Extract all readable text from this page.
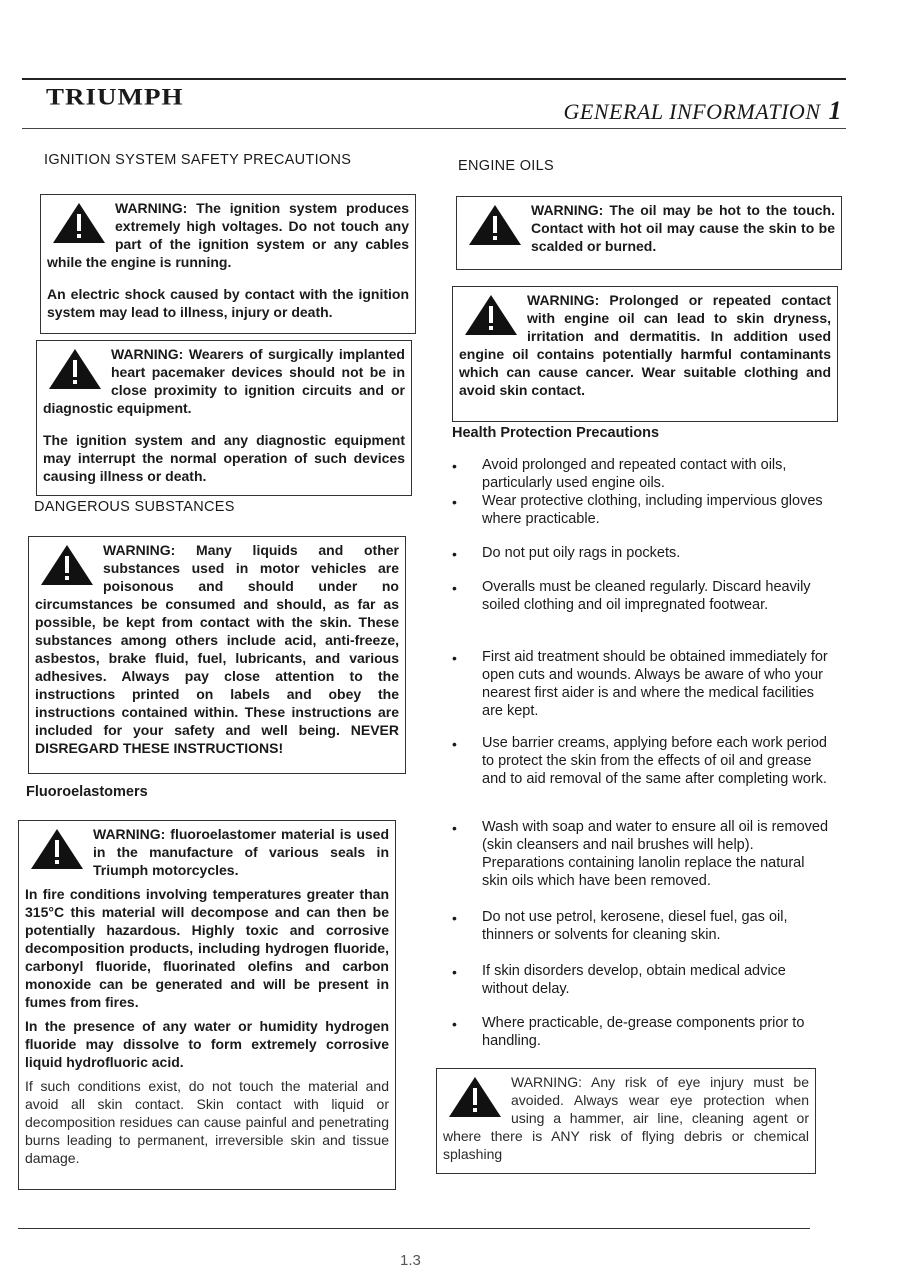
TRIUMPH
GENERAL INFORMATION 1
IGNITION SYSTEM SAFETY PRECAUTIONS

WARNING: The ignition system produces extremely high voltages. Do not touch any part of the ignition system or any cables while the engine is running.

An electric shock caused by contact with the ignition system may lead to illness, injury or death.

WARNING: Wearers of surgically implanted heart pacemaker devices should not be in close proximity to ignition circuits and or diagnostic equipment.

The ignition system and any diagnostic equipment may interrupt the normal operation of such devices causing illness or death.

DANGEROUS SUBSTANCES

WARNING: Many liquids and other substances used in motor vehicles are poisonous and should under no circumstances be consumed and should, as far as possible, be kept from contact with the skin. These substances among others include acid, anti-freeze, asbestos, brake fluid, fuel, lubricants, and various adhesives. Always pay close attention to the instructions printed on labels and obey the instructions contained within. These instructions are included for your safety and well being. NEVER DISREGARD THESE INSTRUCTIONS!

Fluoroelastomers

WARNING: fluoroelastomer material is used in the manufacture of various seals in Triumph motorcycles.

In fire conditions involving temperatures greater than 315°C this material will decompose and can then be potentially hazardous. Highly toxic and corrosive decomposition products, including hydrogen fluoride, carbonyl fluoride, fluorinated olefins and carbon monoxide can be generated and will be present in fumes from fires.

In the presence of any water or humidity hydrogen fluoride may dissolve to form extremely corrosive liquid hydrofluoric acid.

If such conditions exist, do not touch the material and avoid all skin contact. Skin contact with liquid or decomposition residues can cause painful and penetrating burns leading to permanent, irreversible skin and tissue damage.

ENGINE OILS

WARNING: The oil may be hot to the touch. Contact with hot oil may cause the skin to be scalded or burned.

WARNING: Prolonged or repeated contact with engine oil can lead to skin dryness, irritation and dermatitis. In addition used engine oil contains potentially harmful contaminants which can cause cancer. Wear suitable clothing and avoid skin contact.

Health Protection Precautions
• Avoid prolonged and repeated contact with oils, particularly used engine oils.
• Wear protective clothing, including impervious gloves where practicable.
• Do not put oily rags in pockets.
• Overalls must be cleaned regularly. Discard heavily soiled clothing and oil impregnated footwear.
• First aid treatment should be obtained immediately for open cuts and wounds. Always be aware of who your nearest first aider is and where the medical facilities are kept.
• Use barrier creams, applying before each work period to protect the skin from the effects of oil and grease and to aid removal of the same after completing work.
• Wash with soap and water to ensure all oil is removed (skin cleansers and nail brushes will help). Preparations containing lanolin replace the natural skin oils which have been removed.
• Do not use petrol, kerosene, diesel fuel, gas oil, thinners or solvents for cleaning skin.
• If skin disorders develop, obtain medical advice without delay.
• Where practicable, de-grease components prior to handling.

WARNING: Any risk of eye injury must be avoided. Always wear eye protection when using a hammer, air line, cleaning agent or where there is ANY risk of flying debris or chemical splashing

1.3
